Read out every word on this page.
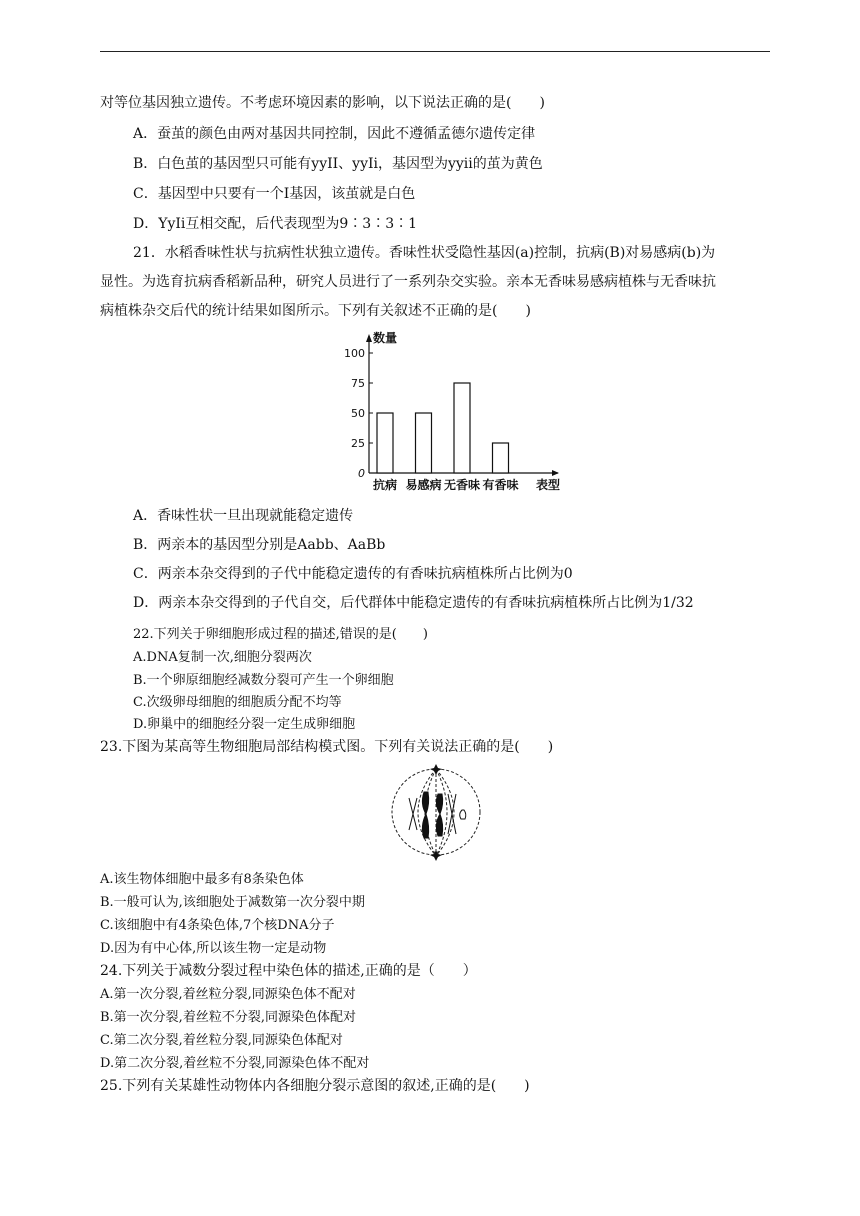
对等位基因独立遗传。不考虑环境因素的影响，以下说法正确的是(　　)
A．蚕茧的颜色由两对基因共同控制，因此不遵循孟德尔遗传定律
B．白色茧的基因型只可能有yyII、yyIi，基因型为yyii的茧为黄色
C．基因型中只要有一个I基因，该茧就是白色
D．YyIi互相交配，后代表现型为9∶3∶3∶1
21．水稻香味性状与抗病性状独立遗传。香味性状受隐性基因(a)控制，抗病(B)对易感病(b)为
显性。为选育抗病香稻新品种，研究人员进行了一系列杂交实验。亲本无香味易感病植株与无香味抗
病植株杂交后代的统计结果如图所示。下列有关叙述不正确的是(　　)
数量
0
25
50
75
100
抗病 易感病 无香味 有香味 表型
A．香味性状一旦出现就能稳定遗传
B．两亲本的基因型分别是Aabb、AaBb
C．两亲本杂交得到的子代中能稳定遗传的有香味抗病植株所占比例为0
D．两亲本杂交得到的子代自交，后代群体中能稳定遗传的有香味抗病植株所占比例为1/32
22.下列关于卵细胞形成过程的描述,错误的是(　　)
A.DNA复制一次,细胞分裂两次
B.一个卵原细胞经减数分裂可产生一个卵细胞
C.次级卵母细胞的细胞质分配不均等
D.卵巢中的细胞经分裂一定生成卵细胞
23.下图为某高等生物细胞局部结构模式图。下列有关说法正确的是(　　)
A.该生物体细胞中最多有8条染色体
B.一般可认为,该细胞处于减数第一次分裂中期
C.该细胞中有4条染色体,7个核DNA分子
D.因为有中心体,所以该生物一定是动物
24.下列关于减数分裂过程中染色体的描述,正确的是（　　）
A.第一次分裂,着丝粒分裂,同源染色体不配对
B.第一次分裂,着丝粒不分裂,同源染色体配对
C.第二次分裂,着丝粒分裂,同源染色体配对
D.第二次分裂,着丝粒不分裂,同源染色体不配对
25.下列有关某雄性动物体内各细胞分裂示意图的叙述,正确的是(　　)
